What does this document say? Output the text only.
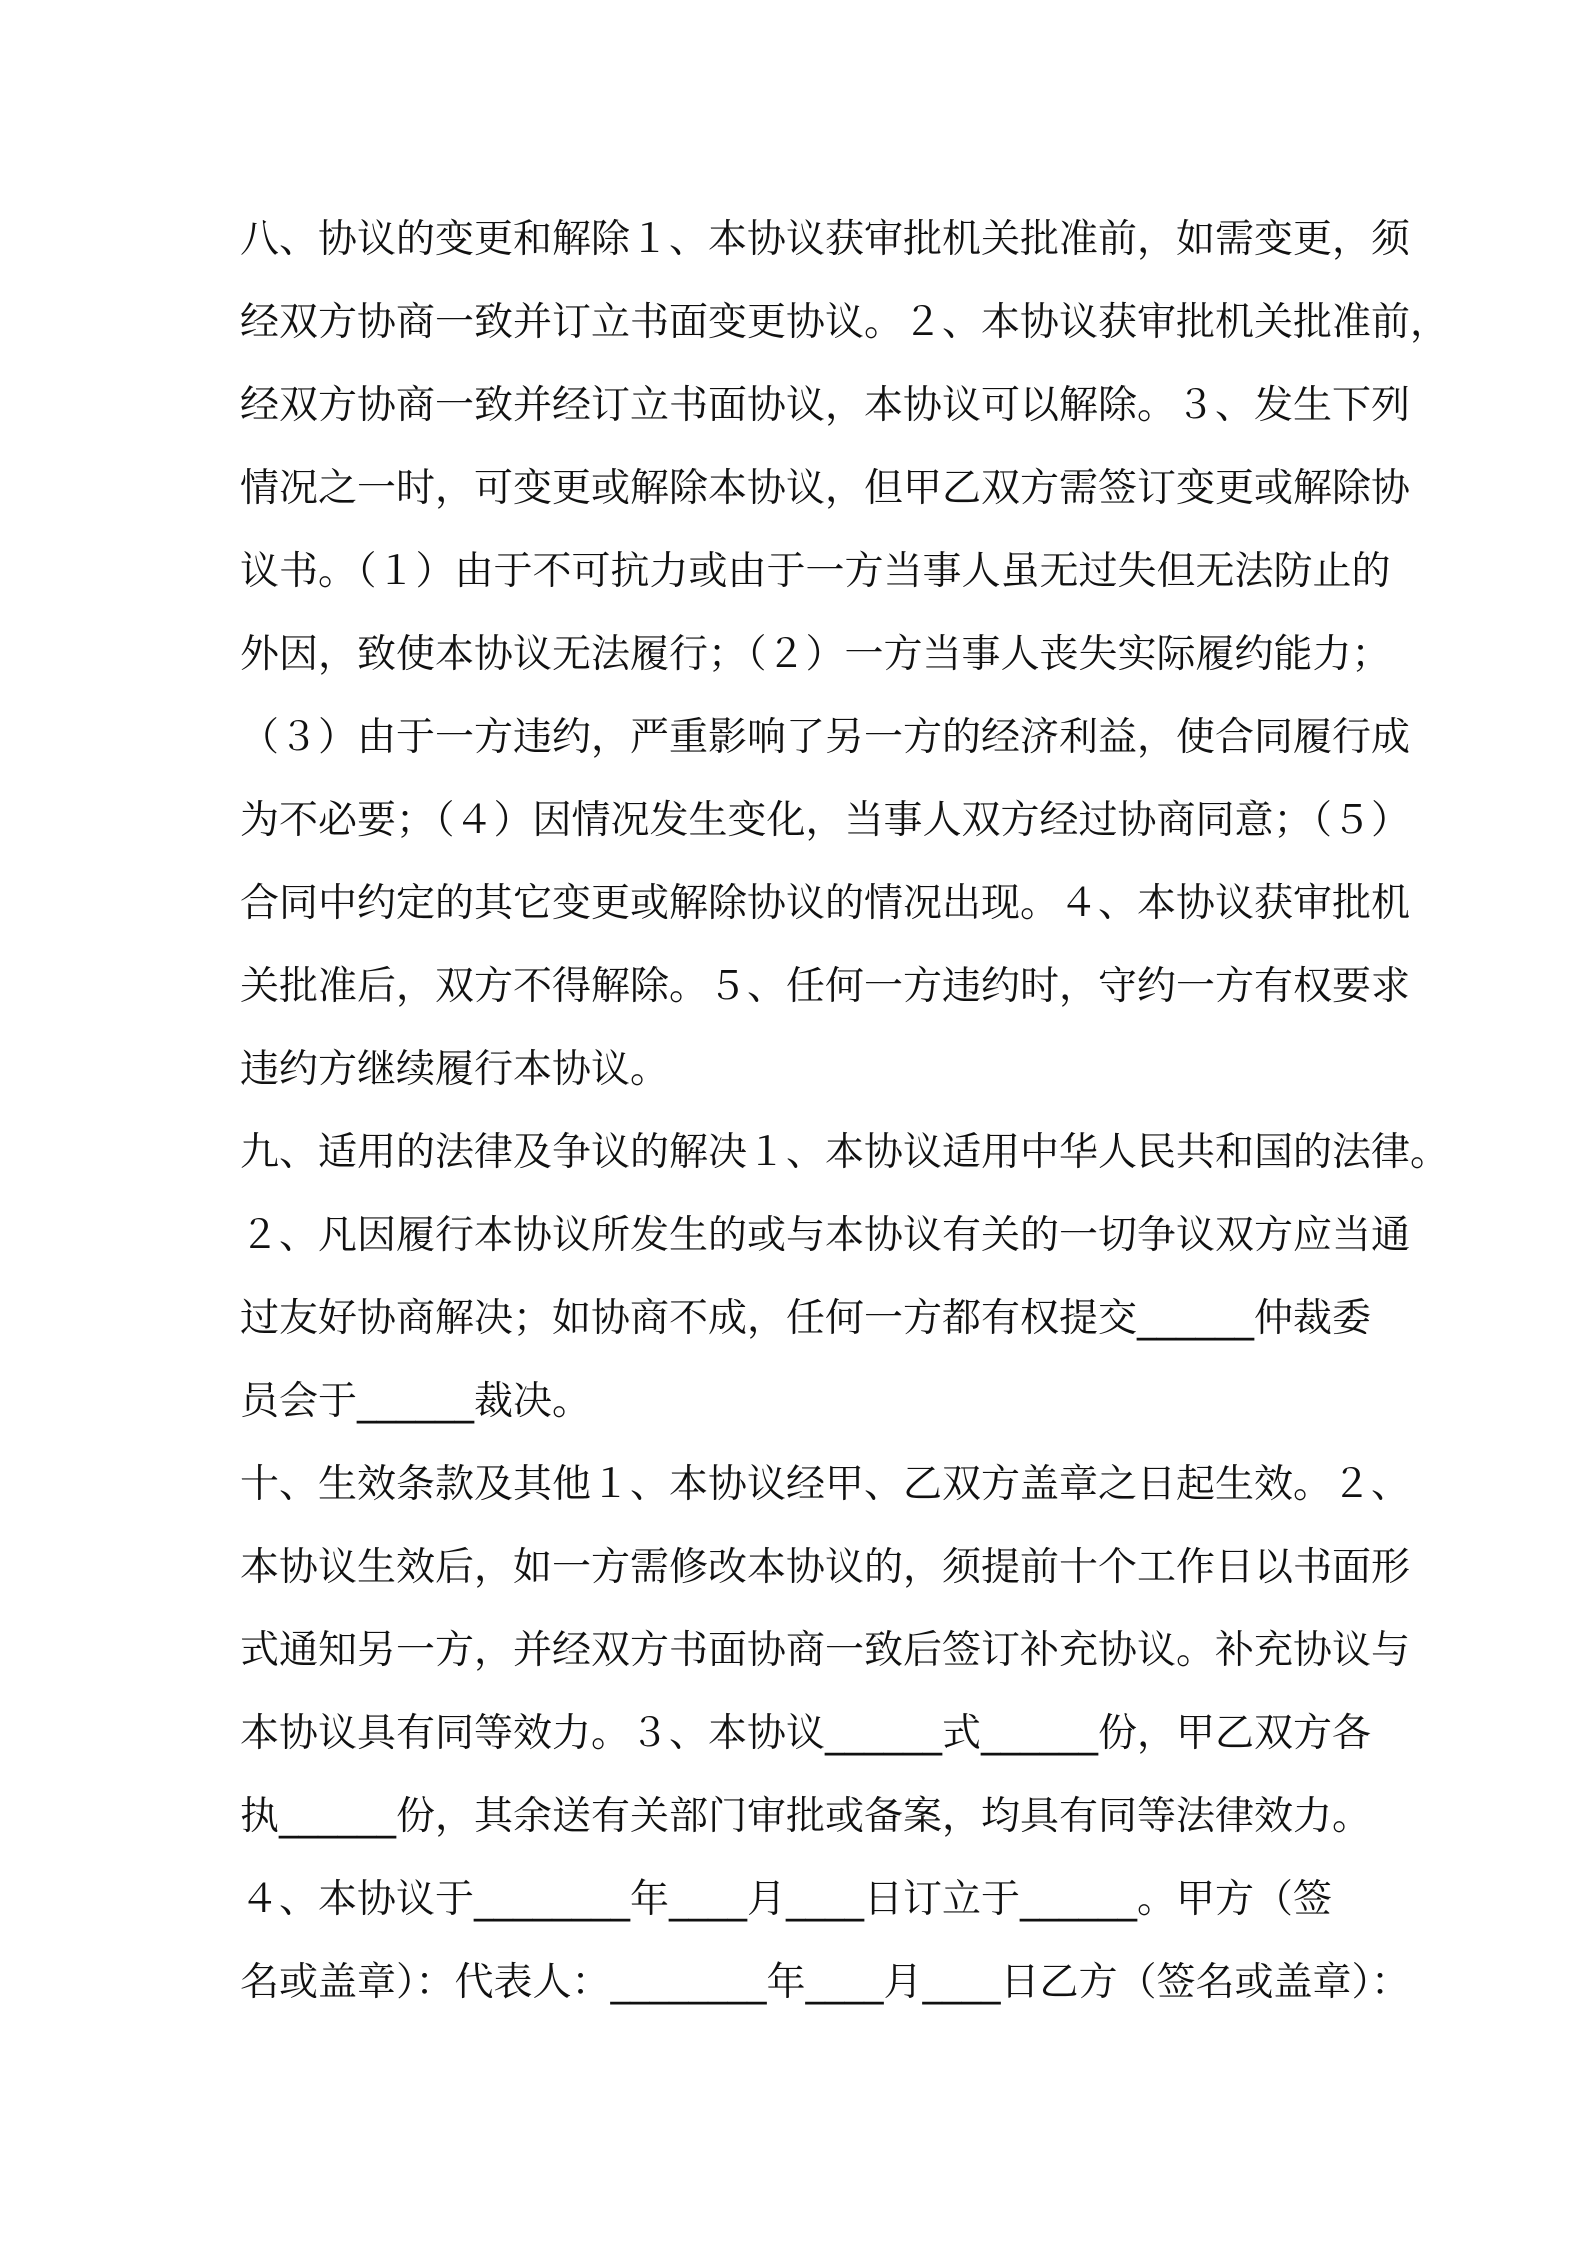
八、协议的变更和解除１、本协议获审批机关批准前，如需变更，须
经双方协商一致并订立书面变更协议。２、本协议获审批机关批准前，
经双方协商一致并经订立书面协议，本协议可以解除。３、发生下列
情况之一时，可变更或解除本协议，但甲乙双方需签订变更或解除协
议书。（１）由于不可抗力或由于一方当事人虽无过失但无法防止的
外因，致使本协议无法履行；（２）一方当事人丧失实际履约能力；
（３）由于一方违约，严重影响了另一方的经济利益，使合同履行成
为不必要；（４）因情况发生变化，当事人双方经过协商同意；（５）
合同中约定的其它变更或解除协议的情况出现。４、本协议获审批机
关批准后，双方不得解除。５、任何一方违约时，守约一方有权要求
违约方继续履行本协议。
九、适用的法律及争议的解决１、本协议适用中华人民共和国的法律。
２、凡因履行本协议所发生的或与本协议有关的一切争议双方应当通
过友好协商解决；如协商不成，任何一方都有权提交______仲裁委
员会于______裁决。
十、生效条款及其他１、本协议经甲、乙双方盖章之日起生效。２、
本协议生效后，如一方需修改本协议的，须提前十个工作日以书面形
式通知另一方，并经双方书面协商一致后签订补充协议。补充协议与
本协议具有同等效力。３、本协议______式______份，甲乙双方各
执______份，其余送有关部门审批或备案，均具有同等法律效力。
４、本协议于________年____月____日订立于______。甲方（签
名或盖章）：代表人：________年____月____日乙方（签名或盖章）：
